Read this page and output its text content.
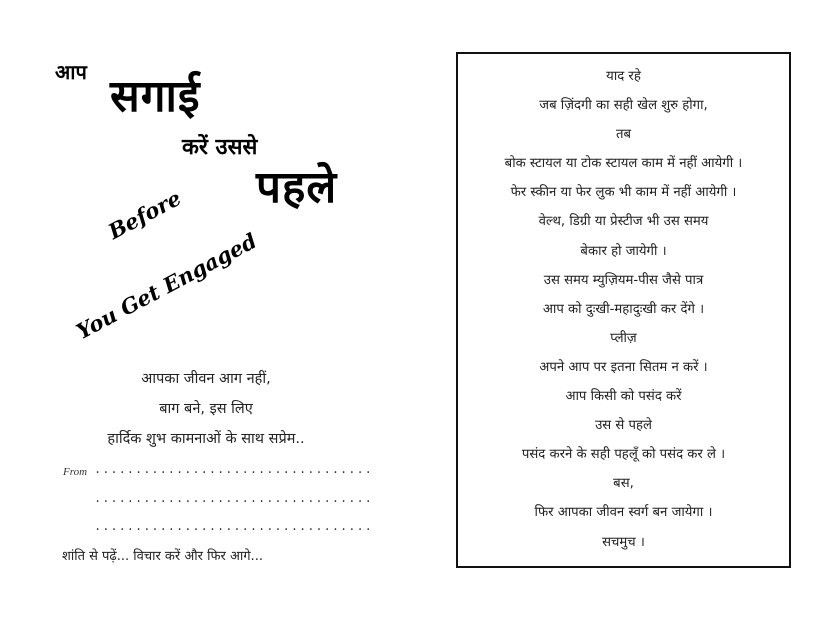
आप सगाई
करें उससे
पहले
Before
You Get Engaged
आपका जीवन आग नहीं,
बाग बने, इस लिए
हार्दिक शुभ कामनाओं के साथ सप्रेम..
From ..................................
..................................
..................................
शांति से पढ़ें... विचार करें और फिर आगे...
याद रहे
जब ज़िंदगी का सही खेल शुरु होगा,
तब
बोक स्टायल या टोक स्टायल काम में नहीं आयेगी ।
फेर स्कीन या फेर लुक भी काम में नहीं आयेगी ।
वेल्थ, डिग्री या प्रेस्टीज भी उस समय
बेकार हो जायेगी ।
उस समय म्युज़ियम-पीस जैसे पात्र
आप को दुःखी-महादुःखी कर देंगे ।
प्लीज़
अपने आप पर इतना सितम न करें ।
आप किसी को पसंद करें
उस से पहले
पसंद करने के सही पहलूँ को पसंद कर ले ।
बस,
फिर आपका जीवन स्वर्ग बन जायेगा ।
सचमुच ।
